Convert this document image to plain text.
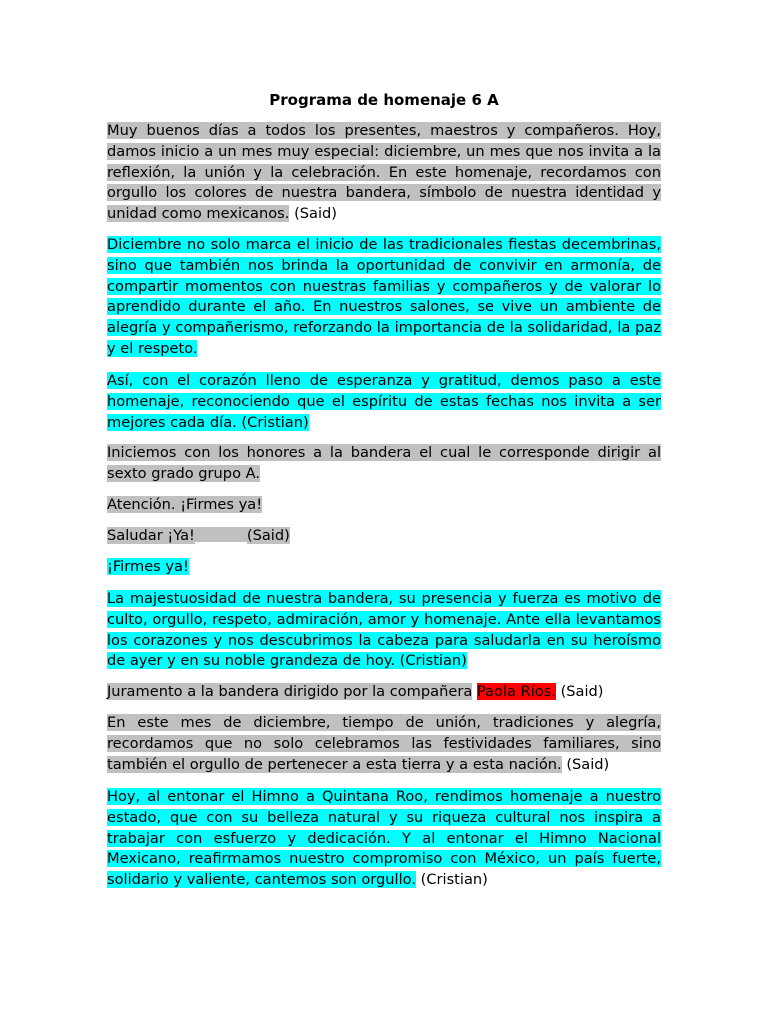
Programa de homenaje 6 A

Muy buenos días a todos los presentes, maestros y compañeros. Hoy, damos inicio a un mes muy especial: diciembre, un mes que nos invita a la reflexión, la unión y la celebración. En este homenaje, recordamos con orgullo los colores de nuestra bandera, símbolo de nuestra identidad y unidad como mexicanos. (Said)

Diciembre no solo marca el inicio de las tradicionales fiestas decembrinas, sino que también nos brinda la oportunidad de convivir en armonía, de compartir momentos con nuestras familias y compañeros y de valorar lo aprendido durante el año. En nuestros salones, se vive un ambiente de alegría y compañerismo, reforzando la importancia de la solidaridad, la paz y el respeto.

Así, con el corazón lleno de esperanza y gratitud, demos paso a este homenaje, reconociendo que el espíritu de estas fechas nos invita a ser mejores cada día. (Cristian)

Iniciemos con los honores a la bandera el cual le corresponde dirigir al sexto grado grupo A.

Atención. ¡Firmes ya!

Saludar ¡Ya!	(Said)

¡Firmes ya!

La majestuosidad de nuestra bandera, su presencia y fuerza es motivo de culto, orgullo, respeto, admiración, amor y homenaje. Ante ella levantamos los corazones y nos descubrimos la cabeza para saludarla en su heroísmo de ayer y en su noble grandeza de hoy. (Cristian)

Juramento a la bandera dirigido por la compañera Paola Ríos. (Said)

En este mes de diciembre, tiempo de unión, tradiciones y alegría, recordamos que no solo celebramos las festividades familiares, sino también el orgullo de pertenecer a esta tierra y a esta nación. (Said)

Hoy, al entonar el Himno a Quintana Roo, rendimos homenaje a nuestro estado, que con su belleza natural y su riqueza cultural nos inspira a trabajar con esfuerzo y dedicación. Y al entonar el Himno Nacional Mexicano, reafirmamos nuestro compromiso con México, un país fuerte, solidario y valiente, cantemos son orgullo. (Cristian)
